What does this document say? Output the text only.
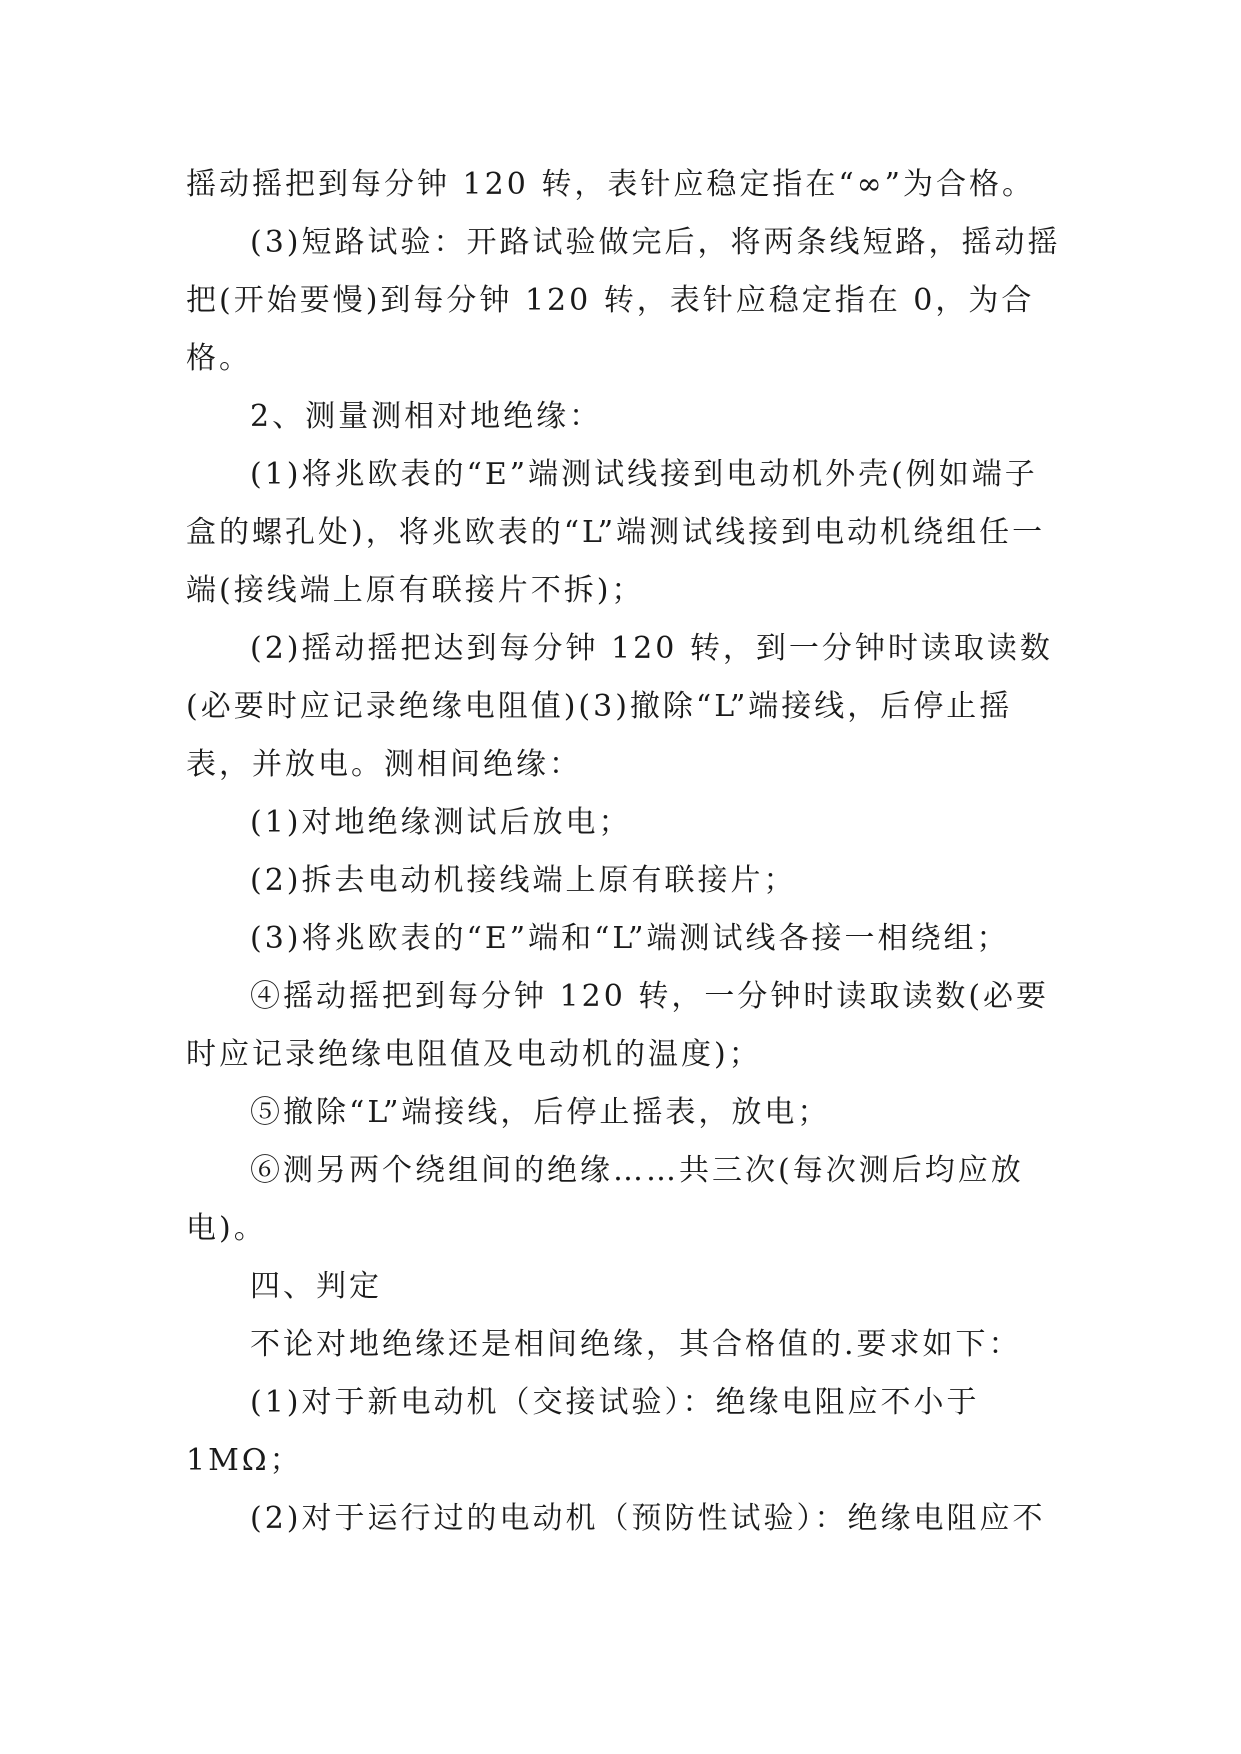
摇动摇把到每分钟 120 转，表针应稳定指在“∞”为合格。

(3)短路试验：开路试验做完后，将两条线短路，摇动摇把(开始要慢)到每分钟 120 转，表针应稳定指在 0，为合格。

2、测量测相对地绝缘：

(1)将兆欧表的“E”端测试线接到电动机外壳(例如端子盒的螺孔处)，将兆欧表的“L”端测试线接到电动机绕组任一端(接线端上原有联接片不拆)；

(2)摇动摇把达到每分钟 120 转，到一分钟时读取读数(必要时应记录绝缘电阻值)(3)撤除“L”端接线，后停止摇表，并放电。测相间绝缘：

(1)对地绝缘测试后放电；

(2)拆去电动机接线端上原有联接片；

(3)将兆欧表的“E”端和“L”端测试线各接一相绕组；

④摇动摇把到每分钟 120 转，一分钟时读取读数(必要时应记录绝缘电阻值及电动机的温度)；

⑤撤除“L”端接线，后停止摇表，放电；

⑥测另两个绕组间的绝缘……共三次(每次测后均应放电)。

四、判定

不论对地绝缘还是相间绝缘，其合格值的.要求如下：

(1)对于新电动机（交接试验）：绝缘电阻应不小于 1MΩ；

(2)对于运行过的电动机（预防性试验）：绝缘电阻应不
